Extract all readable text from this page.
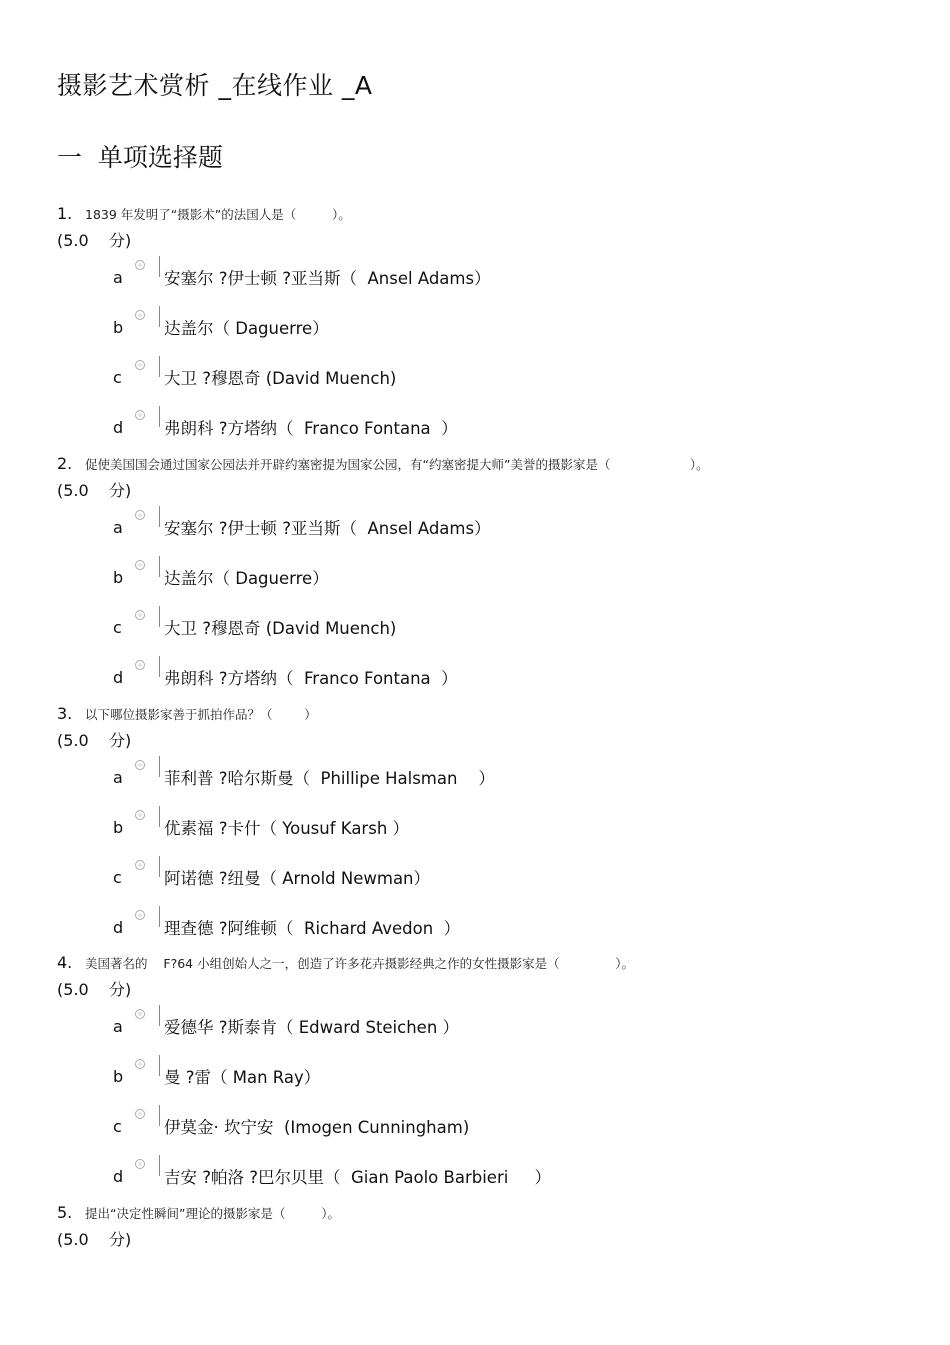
摄影艺术赏析 _在线作业 _A
一  单项选择题
1. 1839 年发明了“摄影术”的法国人是（         ）。
(5.0    分)
a 安塞尔 ?伊士顿 ?亚当斯（  Ansel Adams）
b 达盖尔（ Daguerre）
c	大卫 ?穆恩奇 (David Muench)
d 弗朗科 ?方塔纳（  Franco Fontana  ）
2. 促使美国国会通过国家公园法并开辟约塞密提为国家公园，有“约塞密提大师”美誉的摄影家是（                    ）。
(5.0    分)
a 安塞尔 ?伊士顿 ?亚当斯（  Ansel Adams）
b 达盖尔（ Daguerre）
c	大卫 ?穆恩奇 (David Muench)
d 弗朗科 ?方塔纳（  Franco Fontana  ）
3. 以下哪位摄影家善于抓拍作品？（        ）
(5.0    分)
a 菲利普 ?哈尔斯曼（  Phillipe Halsman    ）
b 优素福 ?卡什（ Yousuf Karsh ）
c	阿诺德 ?纽曼（ Arnold Newman）
d 理查德 ?阿维顿（  Richard Avedon  ）
4. 美国著名的    F?64 小组创始人之一，创造了许多花卉摄影经典之作的女性摄影家是（              ）。
(5.0    分)
a 爱德华 ?斯泰肯（ Edward Steichen ）
b 曼 ?雷（ Man Ray）
c	伊莫金· 坎宁安  (Imogen Cunningham)
d 吉安 ?帕洛 ?巴尔贝里（  Gian Paolo Barbieri     ）
5. 提出“决定性瞬间”理论的摄影家是（         ）。
(5.0    分)
